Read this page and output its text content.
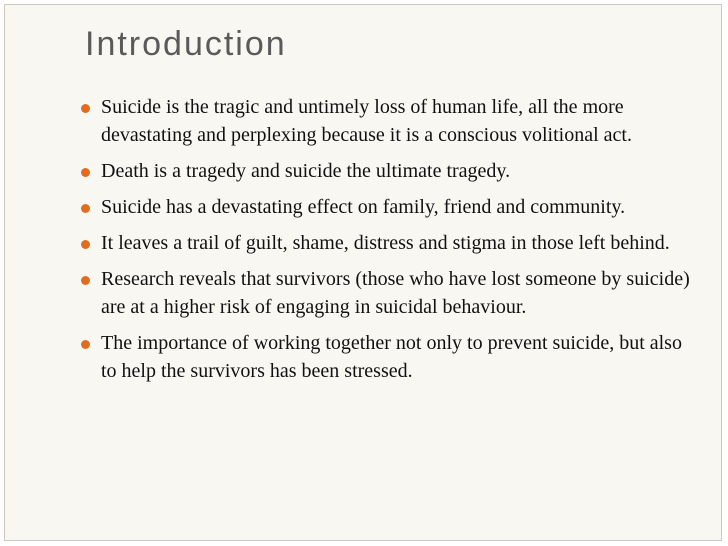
Introduction
Suicide is the tragic and untimely loss of human life, all the more devastating and perplexing because it is a conscious volitional act.
Death is a tragedy and suicide the ultimate tragedy.
Suicide has a devastating effect on family, friend and community.
It leaves a trail of guilt, shame, distress and stigma in those left behind.
Research reveals that survivors (those who have lost someone by suicide) are at a higher risk of engaging in suicidal behaviour.
The importance of working together not only to prevent suicide, but also to help the survivors has been stressed.
